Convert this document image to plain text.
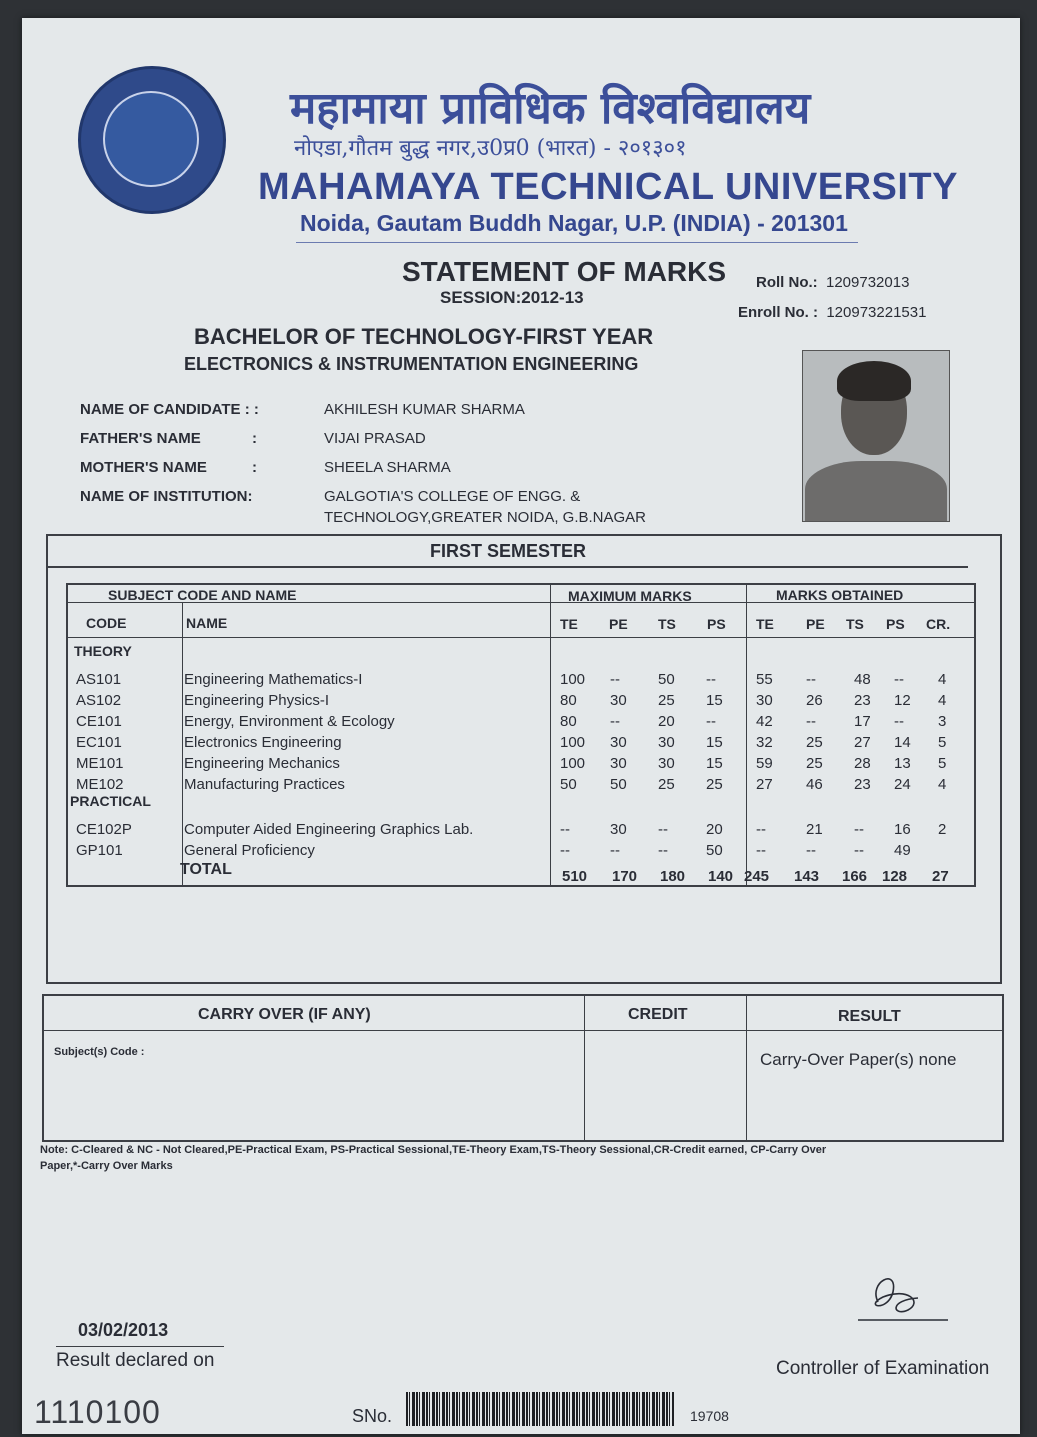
महामाया प्राविधिक विश्वविद्यालय
नोएडा,गौतम बुद्ध नगर,उ0प्र0 (भारत) - २०१३०१
MAHAMAYA TECHNICAL UNIVERSITY
Noida, Gautam Buddh Nagar, U.P. (INDIA) - 201301
STATEMENT OF MARKS
SESSION:2012-13
Roll No.: 1209732013
Enroll No. : 120973221531
BACHELOR OF TECHNOLOGY-FIRST YEAR
ELECTRONICS & INSTRUMENTATION ENGINEERING
NAME OF CANDIDATE : :	AKHILESH KUMAR SHARMA
FATHER'S NAME	:	VIJAI PRASAD
MOTHER'S NAME	:	SHEELA SHARMA
NAME OF INSTITUTION:	GALGOTIA'S COLLEGE OF ENGG. &
TECHNOLOGY,GREATER NOIDA, G.B.NAGAR
FIRST SEMESTER
SUBJECT CODE AND NAME	MAXIMUM MARKS	MARKS OBTAINED
CODE	NAME	TE PE TS PS TE PE TS PS CR.
THEORY
PRACTICAL
TOTAL
AS101	Engineering Mathematics-I	100 --	50 --	55 --	48 -- 4
AS102	Engineering Physics-I	80 30 25 15 30 26 23 12 4
CE101	Energy, Environment & Ecology	80 --	20 --	42 --	17 -- 3
EC101	Electronics Engineering	100 30 30 15 32 25 27 14 5
ME101	Engineering Mechanics	100 30 30 15 59 25 28 13 5
ME102	Manufacturing Practices	50 50 25 25 27 46 23 24 4
CE102P	Computer Aided Engineering Graphics Lab.	--	30 --	20 --	21 -- 16 2
GP101	General Proficiency	--	--	--	50 --	--	-- 49
510 170 180 140 245 143 166 128 27
CARRY OVER (IF ANY)	CREDIT	RESULT
Subject(s) Code :	Carry-Over Paper(s) none
Note: C-Cleared & NC - Not Cleared,PE-Practical Exam, PS-Practical Sessional,TE-Theory Exam,TS-Theory Sessional,CR-Credit earned, CP-Carry Over Paper,*-Carry Over Marks
03/02/2013
Result declared on	Controller of Examination
1110100	SNo.	19708
